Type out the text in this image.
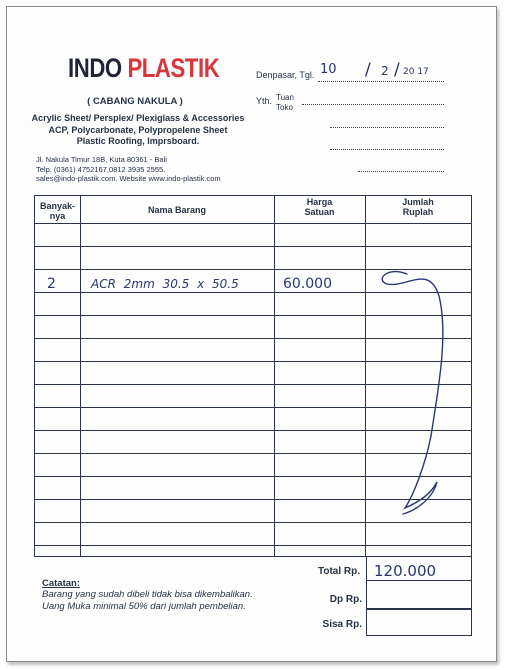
INDO PLASTIK
( CABANG NAKULA )
Acrylic Sheet/ Persplex/ Plexiglass & Accessories
ACP, Polycarbonate, Polypropelene Sheet
Plastic Roofing, Imprsboard.
Jl. Nakula Timur 18B, Kuta 80361 - Bali
Telp. (0361) 4752167,0812 3935 2555.
sales@indo-plastik.com. Website www.indo-plastik.com
Denpasar, Tgl. 10 / 2 / 20 17
Yth. Tuan
Toko
Banyak-
nya
Nama Barang
Harga
Satuan
Jumlah
Ruplah
2	ACR 2mm 30.5 x 50.5	60.000
Total Rp. 120.000
Dp Rp.
Sisa Rp.
Catatan:
Barang yang sudah dibeli tidak bisa dikembalikan.
Uang Muka minimal 50% dari jumlah pembelian.
